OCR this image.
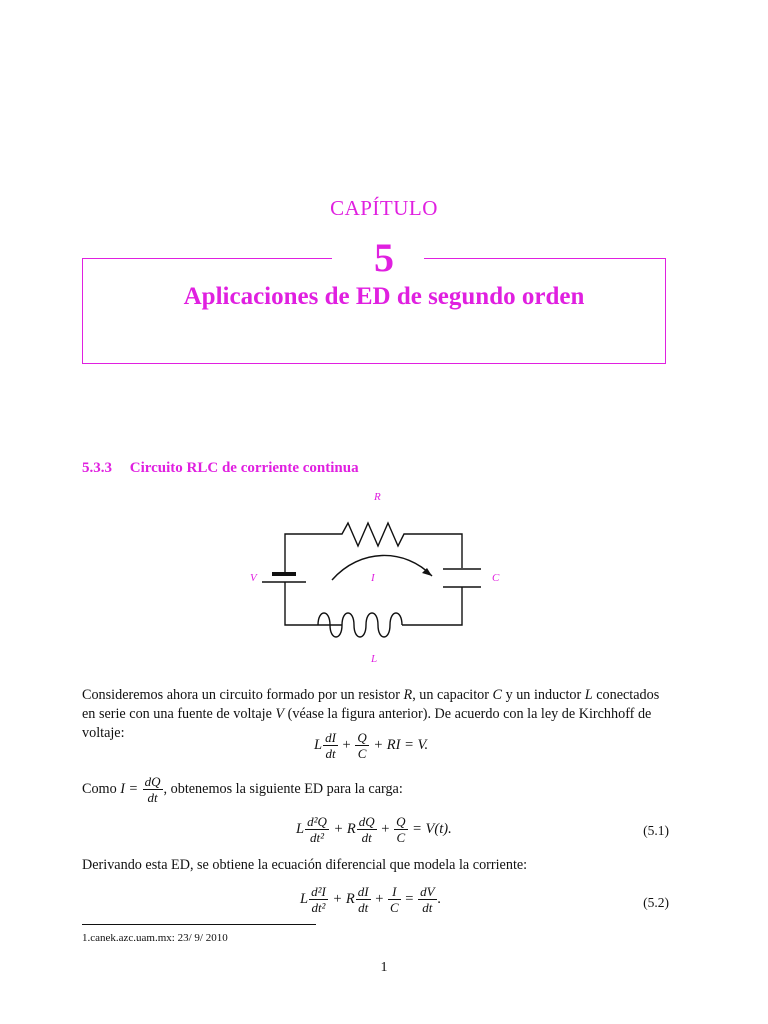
CAPÍTULO
5
Aplicaciones de ED de segundo orden
5.3.3 Circuito RLC de corriente continua
R
V	I	C
L
Consideremos ahora un circuito formado por un resistor R, un capacitor C y un inductor L conectados en serie con una fuente de voltaje V (véase la figura anterior). De acuerdo con la ley de Kirchhoff de voltaje:
L $\frac{dI}{dt} + \frac{Q}{C}$ + RI = V.
Como $I = \frac{dQ}{dt}$ , obtenemos la siguiente ED para la carga:
L $\frac{\text{d²Q}}{\text{dt²}} + R \frac{dQ}{dt} + \frac{Q}{C} = V(t)$.	(5.1)
Derivando esta ED, se obtiene la ecuación diferencial que modela la corriente:
L $\frac{\text{d²I}}{\text{dt²}} + R \frac{dI}{dt} + \frac{I}{C} = \frac{dV}{dt}$ .	(5.2)
1.canek.azc.uam.mx: 23/ 9/ 2010
1
